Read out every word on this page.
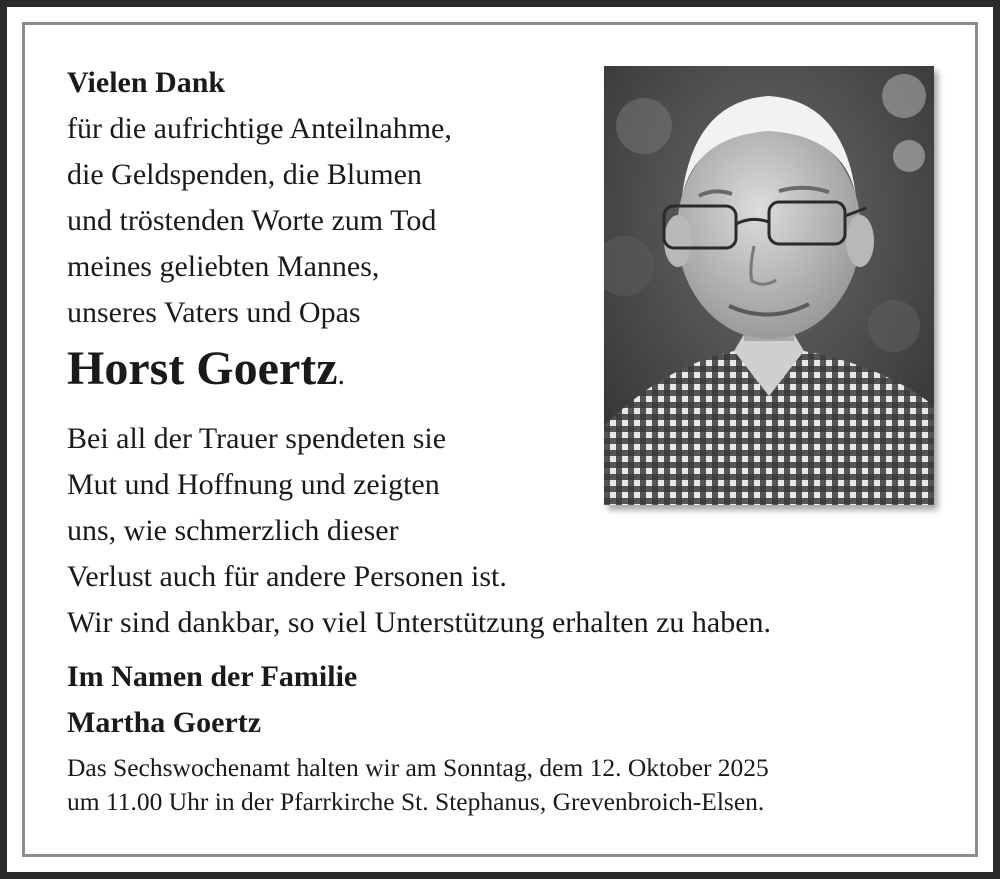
Vielen Dank
für die aufrichtige Anteilnahme,
die Geldspenden, die Blumen
und tröstenden Worte zum Tod
meines geliebten Mannes,
unseres Vaters und Opas
Horst Goertz.
Bei all der Trauer spendeten sie
Mut und Hoffnung und zeigten
uns, wie schmerzlich dieser
Verlust auch für andere Personen ist.
Wir sind dankbar, so viel Unterstützung erhalten zu haben.
Im Namen der Familie
Martha Goertz
Das Sechswochenamt halten wir am Sonntag, dem 12. Oktober 2025
um 11.00 Uhr in der Pfarrkirche St. Stephanus, Grevenbroich-Elsen.
